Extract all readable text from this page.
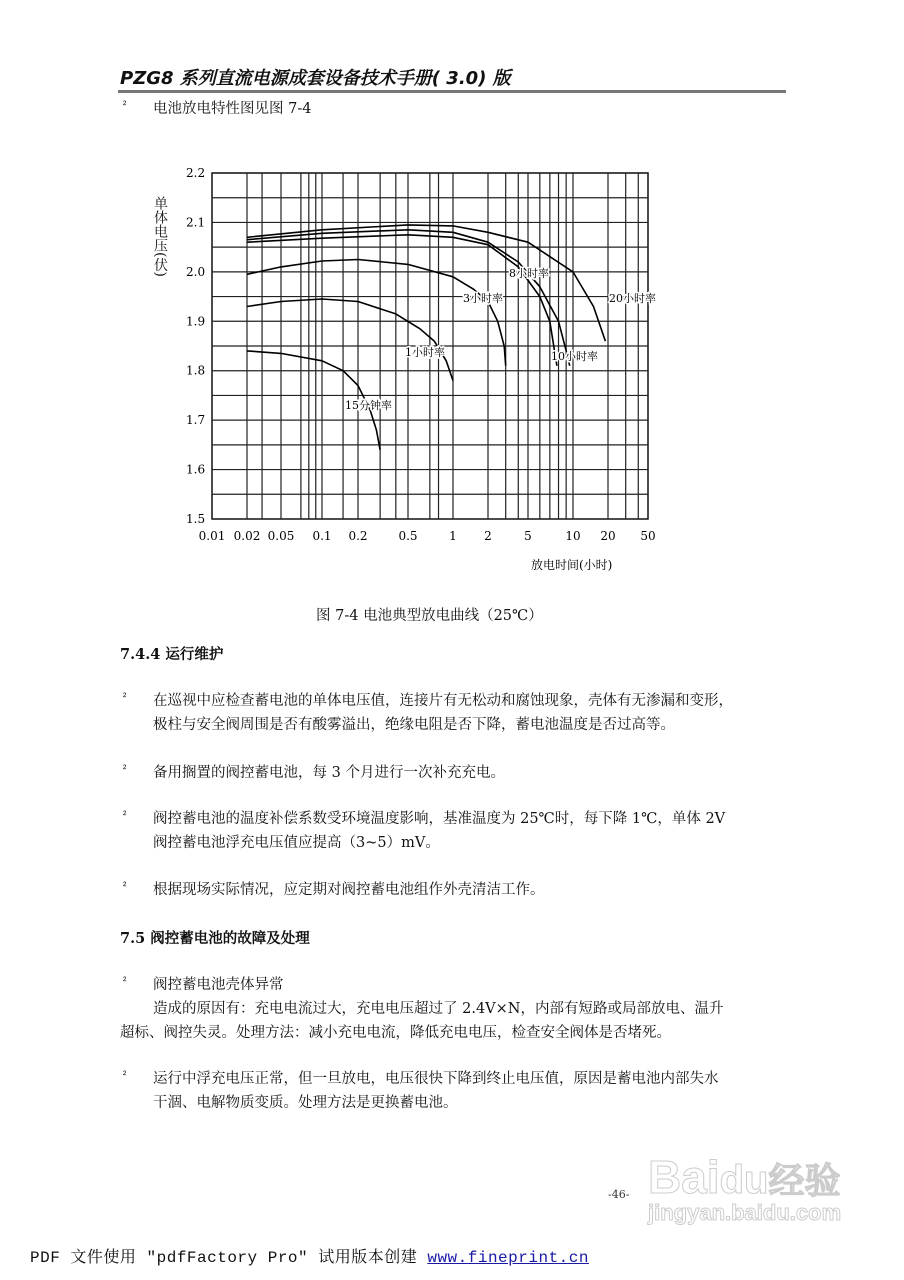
PZG8 系列直流电源成套设备技术手册( 3.0) 版
² 电池放电特性图见图 7-4
0.01 0.02 0.05 0.1 0.2	0.5	1 2	5	10 20 50
2.2
2.1
2.0
1.9
1.8
1.7
1.6
1.5
20小时率
10小时率
8小时率
3小时率
1小时率
15分钟率
放电时间(小时)
单体电压(伏)
图 7-4 电池典型放电曲线（25℃）
7.4.4 运行维护
² 在巡视中应检查蓄电池的单体电压值，连接片有无松动和腐蚀现象，壳体有无渗漏和变形，
极柱与安全阀周围是否有酸雾溢出，绝缘电阻是否下降，蓄电池温度是否过高等。
² 备用搁置的阀控蓄电池，每 3 个月进行一次补充充电。
² 阀控蓄电池的温度补偿系数受环境温度影响，基准温度为 25℃时，每下降 1℃，单体 2V
阀控蓄电池浮充电压值应提高（3~5）mV。
² 根据现场实际情况，应定期对阀控蓄电池组作外壳清洁工作。
7.5 阀控蓄电池的故障及处理
² 阀控蓄电池壳体异常
造成的原因有：充电电流过大，充电电压超过了 2.4V×N，内部有短路或局部放电、温升
超标、阀控失灵。处理方法：减小充电电流，降低充电电压，检查安全阀体是否堵死。
² 运行中浮充电压正常，但一旦放电，电压很快下降到终止电压值，原因是蓄电池内部失水
干涸、电解物质变质。处理方法是更换蓄电池。
Baidu经验
jingyan.baidu.com
-46-
PDF 文件使用 "pdfFactory Pro" 试用版本创建 www.fineprint.cn
